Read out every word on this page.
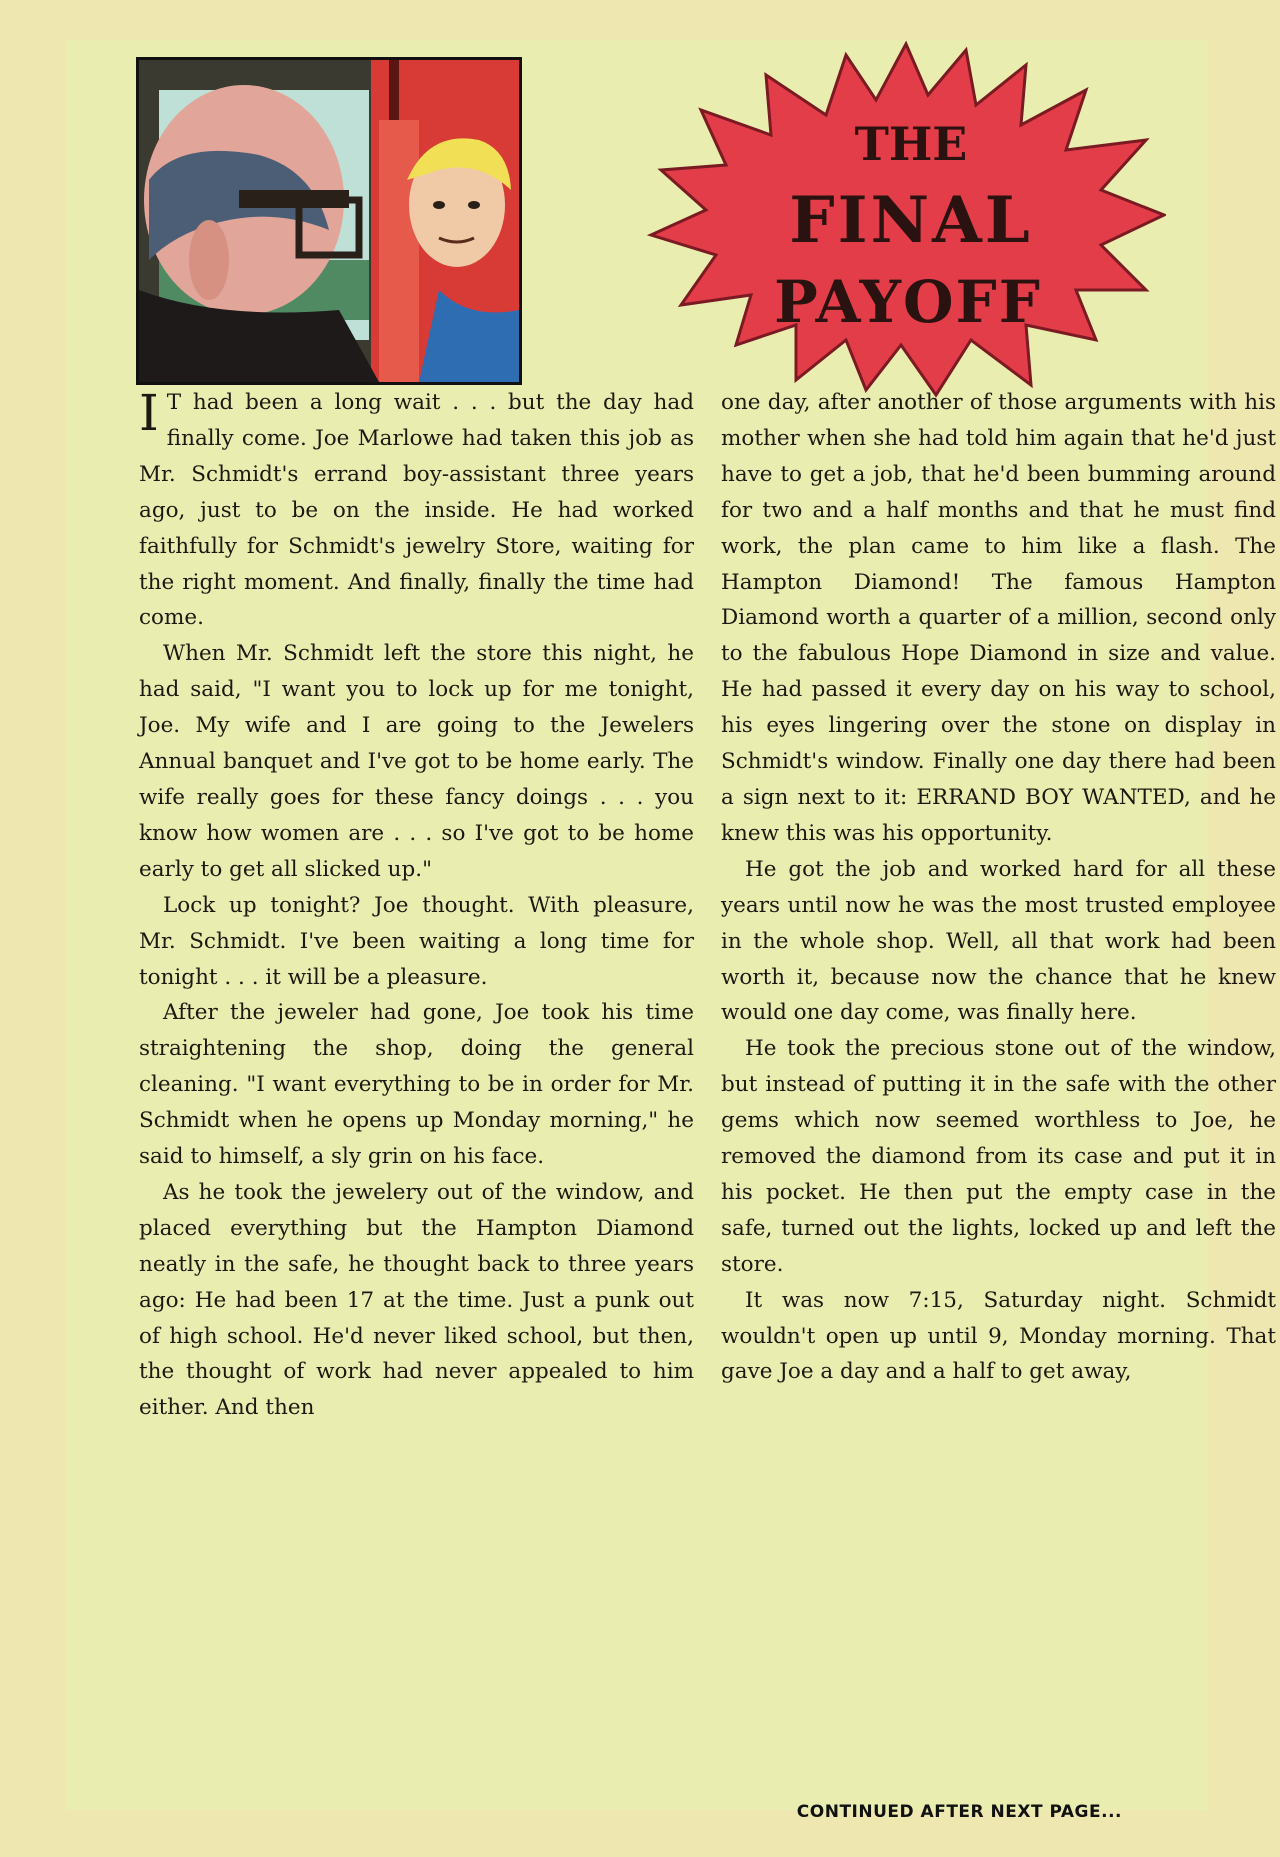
THE
FINAL
PAYOFF

I T had been a long wait . . . but the day had finally come. Joe Marlowe had taken this job as Mr. Schmidt's errand boy-assistant three years ago, just to be on the inside. He had worked faithfully for Schmidt's jewelry Store, waiting for the right moment. And finally, finally the time had come.

When Mr. Schmidt left the store this night, he had said, "I want you to lock up for me tonight, Joe. My wife and I are going to the Jewelers Annual banquet and I've got to be home early. The wife really goes for these fancy doings . . . you know how women are . . . so I've got to be home early to get all slicked up."

Lock up tonight? Joe thought. With pleasure, Mr. Schmidt. I've been waiting a long time for tonight . . . it will be a pleasure.

After the jeweler had gone, Joe took his time straightening the shop, doing the general cleaning. "I want everything to be in order for Mr. Schmidt when he opens up Monday morning," he said to himself, a sly grin on his face.

As he took the jewelery out of the window, and placed everything but the Hampton Diamond neatly in the safe, he thought back to three years ago: He had been 17 at the time. Just a punk out of high school. He'd never liked school, but then, the thought of work had never appealed to him either. And then

one day, after another of those arguments with his mother when she had told him again that he'd just have to get a job, that he'd been bumming around for two and a half months and that he must find work, the plan came to him like a flash. The Hampton Diamond! The famous Hampton Diamond worth a quarter of a million, second only to the fabulous Hope Diamond in size and value. He had passed it every day on his way to school, his eyes lingering over the stone on display in Schmidt's window. Finally one day there had been a sign next to it: ERRAND BOY WANTED, and he knew this was his opportunity.

He got the job and worked hard for all these years until now he was the most trusted employee in the whole shop. Well, all that work had been worth it, because now the chance that he knew would one day come, was finally here.

He took the precious stone out of the window, but instead of putting it in the safe with the other gems which now seemed worthless to Joe, he removed the diamond from its case and put it in his pocket. He then put the empty case in the safe, turned out the lights, locked up and left the store.

It was now 7:15, Saturday night. Schmidt wouldn't open up until 9, Monday morning. That gave Joe a day and a half to get away,

CONTINUED AFTER NEXT PAGE...
